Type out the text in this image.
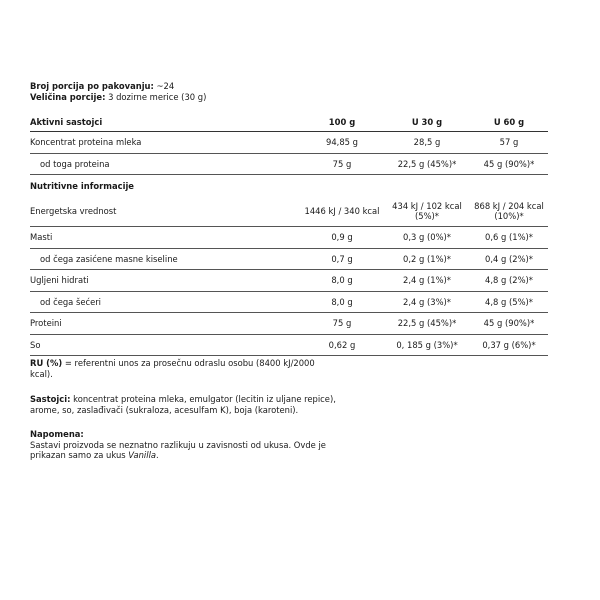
Broj porcija po pakovanju: ~24
Veličina porcije: 3 dozirne merice (30 g)
Aktivni sastojci	100 g	U 30 g	U 60 g
Koncentrat proteina mleka	94,85 g	28,5 g	57 g
od toga proteina	75 g	22,5 g (45%)*	45 g (90%)*
Nutritivne informacije			
Energetska vrednost	1446 kJ / 340 kcal	434 kJ / 102 kcal (5%)*	868 kJ / 204 kcal (10%)*
Masti	0,9 g	0,3 g (0%)*	0,6 g (1%)*
od čega zasićene masne kiseline	0,7 g	0,2 g (1%)*	0,4 g (2%)*
Ugljeni hidrati	8,0 g	2,4 g (1%)*	4,8 g (2%)*
od čega šećeri	8,0 g	2,4 g (3%)*	4,8 g (5%)*
Proteini	75 g	22,5 g (45%)*	45 g (90%)*
So	0,62 g	0, 185 g (3%)*	0,37 g (6%)*
RU (%) = referentni unos za prosečnu odraslu osobu (8400 kJ/2000 kcal).
Sastojci: koncentrat proteina mleka, emulgator (lecitin iz uljane repice), arome, so, zaslađivači (sukraloza, acesulfam K), boja (karoteni).
Napomena:
Sastavi proizvoda se neznatno razlikuju u zavisnosti od ukusa. Ovde je prikazan samo za ukus Vanilla.
